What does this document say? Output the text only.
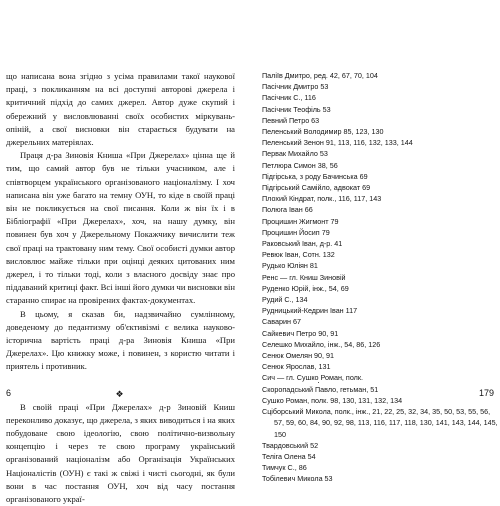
що написана вона згідно з усіма правилами такої наукової праці, з покликанням на всі доступні авторові джерела і критичний підхід до самих джерел. Автор дуже скупий і обережний у висловлюванні своїх особистих міркувань-опіній, а свої висновки він старається будувати на джерельних матеріялах.

Праця д-ра Зиновія Книша «При Джерелах» цінна ще й тим, що самий автор був не тільки учасником, але і співтворцем українського організованого націоналізму. І хоч написана він уже багато на темну ОУН, то кіде в своїй праці він не покликується на свої писання. Коли ж він їх і в Бібліографії «При Джерелах», хоч, на нашу думку, він повинен був хоч у Джерельному Покажчику вичислити теж свої праці на трактовану ним тему. Свої особисті думки автор висловлює майже тільки при оцінці деяких цитованих ним джерел, і то тільки тоді, коли з власного досвіду знає про піддаваний критиці факт. Всі інші його думки чи висновки він старанно спирає на провірених фактах-документах.

В цьому, я сказав би, надзвичайно сумлінному, доведеному до педантизму об'єктивізмі є велика науково-історична вартість праці д-ра Зиновія Книша «При Джерелах». Цю книжку може, і повинен, з користю читати і приятель і противник.

❖

В своїй праці «При Джерелах» д-р Зиновій Книш переконливо доказує, що джерела, з яких виводиться і на яких побудоване свою ідеологію, свою політично-визвольну концепцію і через те свою програму український організований націоналізм або Організація Українських Націоналістів (ОУН) є такі ж свіжі і чисті сьогодні, як були вони в час постання ОУН, хоч від часу постання організованого украї-

6
Паліїв Дмитро, ред. 42, 67, 70, 104
Пасічник Дмитро 53
Пасічник С., 116
Пасічник Теофіль 53
Певний Петро 63
Пеленський Володимир 85, 123, 130
Пеленський Зенон 91, 113, 116, 132, 133, 144
Первак Михайло 53
Петлюра Симон 38, 56
Підгірська, з роду Бачинська 69
Підгірський Самійло, адвокат 69
Плохий Кіндрат, полк., 116, 117, 143
Полюга Іван 66
Процишин Жигмонт 79
Процишин Йосип 79
Раковський Іван, д-р. 41
Ревюк Іван, Сотн. 132
Рудько Юліян 81
Ренс — гл. Книш Зиновій
Руденко Юрій, інж., 54, 69
Рудий С., 134
Рудницький-Кедрин Іван 117
Саварин 67
Сайкевич Петро 90, 91
Селешко Михайло, інж., 54, 86, 126
Сенюк Омелян 90, 91
Сенюк Ярослав, 131
Сич — гл. Сушко Роман, полк.
Скоропадський Павло, гетьман, 51
Сушко Роман, полк. 98, 130, 131, 132, 134
Сціборський Микола, полк., інж., 21, 22, 25, 32, 34, 35, 50, 53, 55, 56, 57, 59, 60, 84, 90, 92, 98, 113, 116, 117, 118, 130, 141, 143, 144, 145, 150
Твардовський 52
Теліга Олена 54
Тимчук С., 86
Тобілевич Микола 53
179
